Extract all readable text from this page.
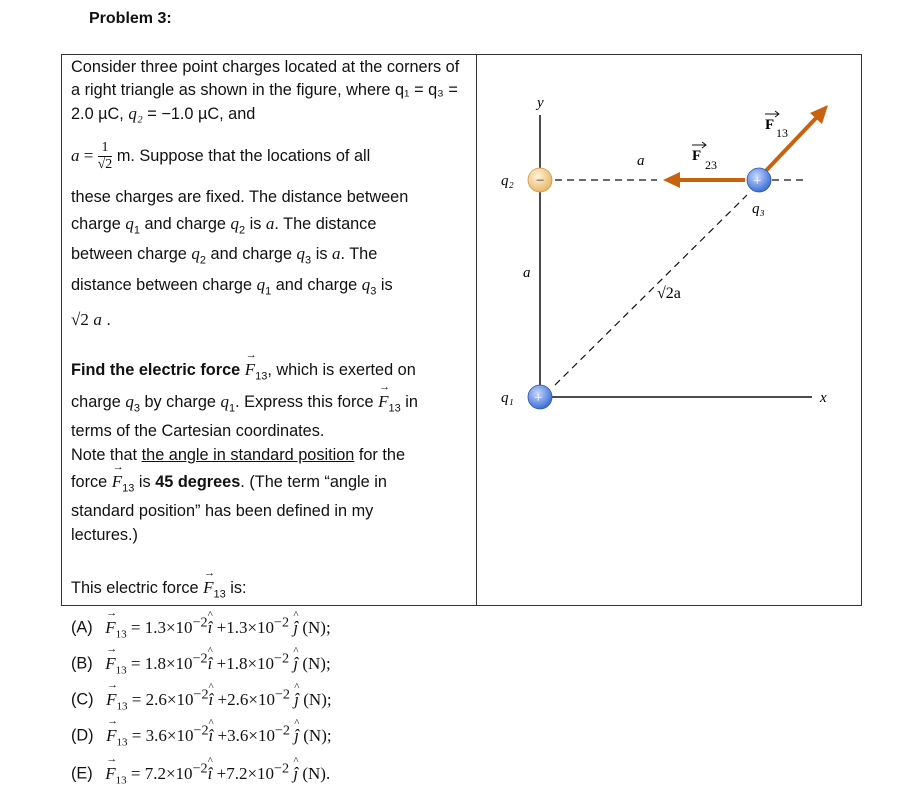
Problem 3:
Consider three point charges located at the corners of a right triangle as shown in the figure, where q₁ = q₃ = 2.0 µC, q₂ = −1.0 µC, and
$a = \frac{1}{√2} m$. Suppose that the locations of all
these charges are fixed. The distance between
charge $q_1$ and charge $q_2$ is a. The distance
between charge $q_2$ and charge $q_3$ is a. The
distance between charge $q_1$ and charge $q_3$ is
√2 a .
Find the electric force → $F_{13}$, which is exerted on
charge $q_3$ by charge $q_1$. Express this force → $F_{13}$ in
terms of the Cartesian coordinates.
Note that the angle in standard position for the
force → $F_{13}$ is 45 degrees. (The term “angle in
standard position” has been defined in my
lectures.)
This electric force → $F_{13}$ is:
$(A) \to F_{13}$ = $1.3\times 10^{-2}\^{}$ î $+1.3\times 10^{-2}$ ^ ĵ (N);
$(B) \to F_{13}$ = $1.8\times 10^{-2}\^{}$ î $+1.8\times 10^{-2}$ ^ ĵ (N);
$(C) \to F_{13}$ = $2.6\times 10^{-2}\^{}$ î $+2.6\times 10^{-2}$ ^ ĵ (N);
$(D) \to F_{13}$ = $3.6\times 10^{-2}\^{}$ î $+3.6\times 10^{-2}$ ^ ĵ (N);
$(E) \to F_{13}$ = $7.2\times 10^{-2}\^{}$ î $+7.2\times 10^{-2}$ ^ ĵ (N).
y
x
F
23
F 13
−
+
+
q₂
q₁
q₃
a
a
√2a
